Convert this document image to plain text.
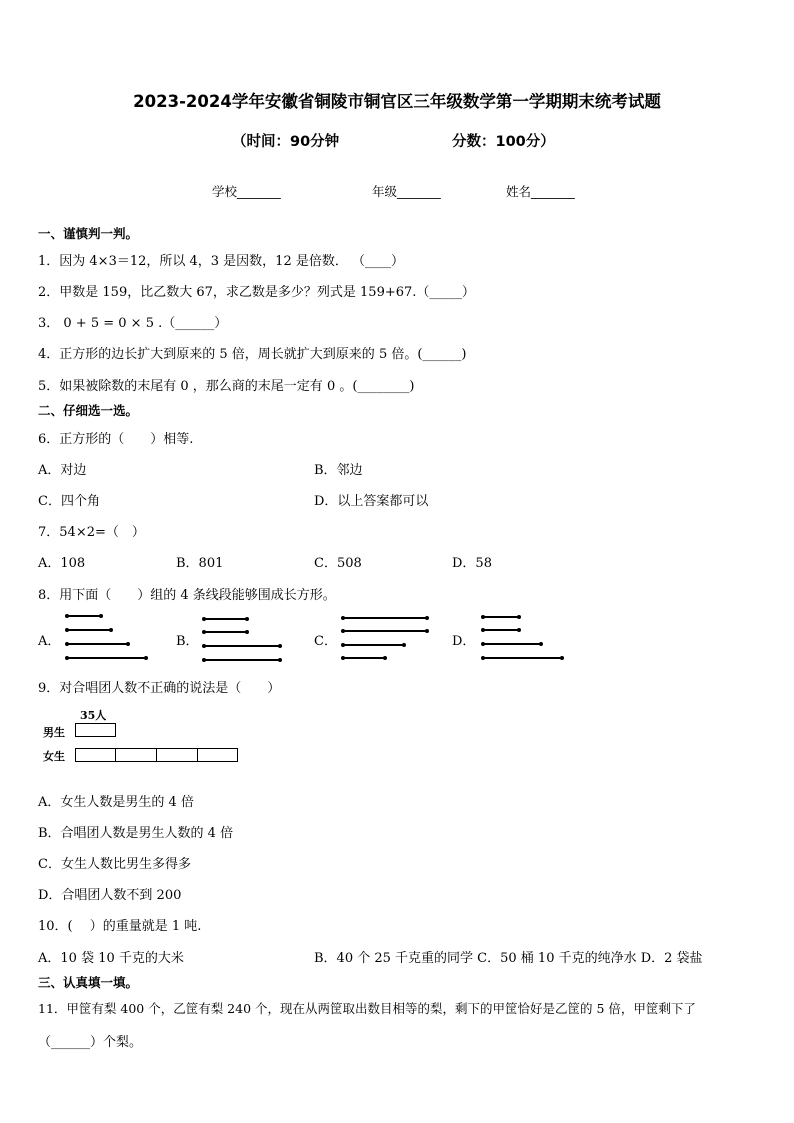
2023-2024学年安徽省铜陵市铜官区三年级数学第一学期期末统考试题
（时间：90分钟	分数：100分）
学校_______	年级_______	姓名_______
一、谨慎判一判。
1．因为 4×3＝12，所以 4，3 是因数，12 是倍数． （____）
2．甲数是 159，比乙数大 67，求乙数是多少？列式是 159+67.（_____）
3． 0 + 5 = 0 × 5 .（______）
4．正方形的边长扩大到原来的 5 倍，周长就扩大到原来的 5 倍。(______)
5．如果被除数的末尾有 0 ，那么商的末尾一定有 0 。(________)
二、仔细选一选。
6．正方形的（　　）相等.
A．对边	B．邻边
C．四个角	D．以上答案都可以
7．54×2=（　）
A．108	B．801	C．508	D．58
8．用下面（　　）组的 4 条线段能够围成长方形。
A．	B．	C．	D．
9．对合唱团人数不正确的说法是（　　）
35人
男生
女生
A．女生人数是男生的 4 倍
B．合唱团人数是男生人数的 4 倍
C．女生人数比男生多得多
D．合唱团人数不到 200
10．(　 ）的重量就是 1 吨.
A．10 袋 10 千克的大米	B．40 个 25 千克重的同学 C．50 桶 10 千克的纯净水 D．2 袋盐
三、认真填一填。
11．甲筐有梨 400 个，乙筐有梨 240 个，现在从两筐取出数目相等的梨，剩下的甲筐恰好是乙筐的 5 倍，甲筐剩下了
（______）个梨。
